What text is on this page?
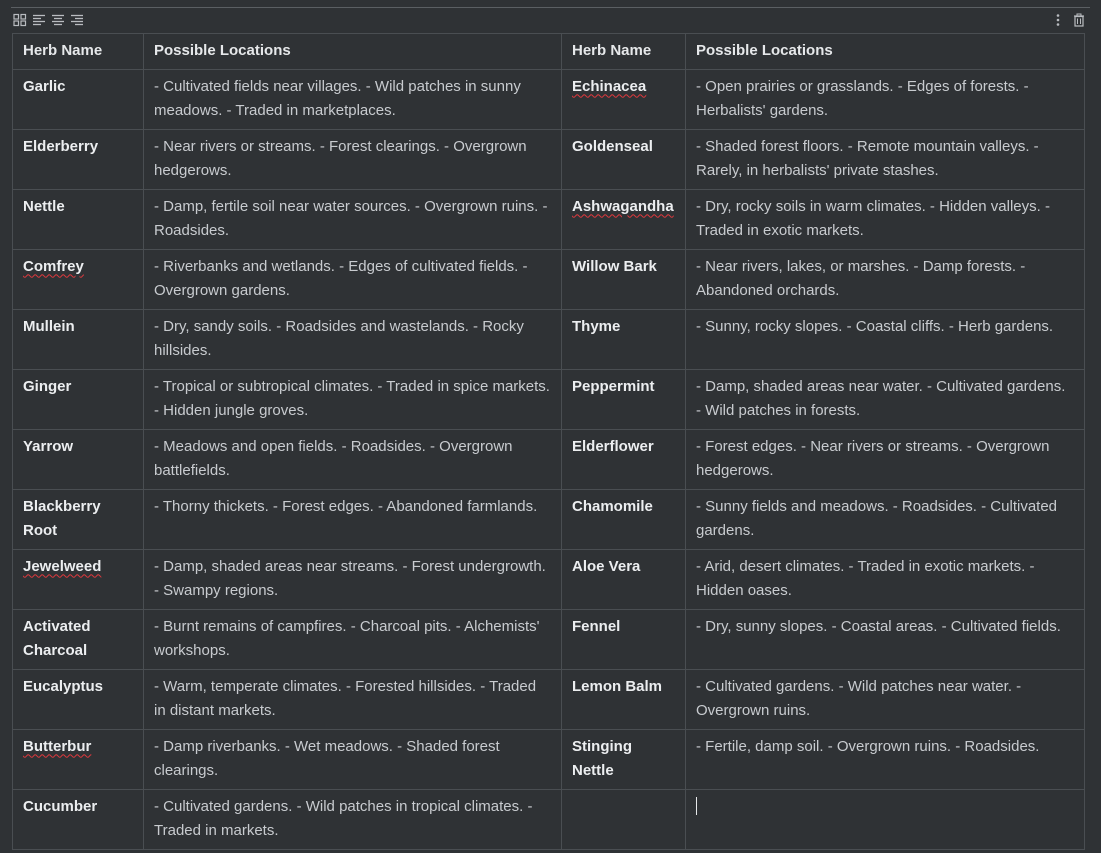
Herb Name	Possible Locations	Herb Name	Possible Locations
Garlic	- Cultivated fields near villages. - Wild patches in sunny meadows. - Traded in marketplaces.	Echinacea	- Open prairies or grasslands. - Edges of forests. - Herbalists' gardens.
Elderberry	- Near rivers or streams. - Forest clearings. - Overgrown hedgerows.	Goldenseal	- Shaded forest floors. - Remote mountain valleys. - Rarely, in herbalists' private stashes.
Nettle	- Damp, fertile soil near water sources. - Overgrown ruins. - Roadsides.	Ashwagandha	- Dry, rocky soils in warm climates. - Hidden valleys. - Traded in exotic markets.
Comfrey	- Riverbanks and wetlands. - Edges of cultivated fields. - Overgrown gardens.	Willow Bark	- Near rivers, lakes, or marshes. - Damp forests. - Abandoned orchards.
Mullein	- Dry, sandy soils. - Roadsides and wastelands. - Rocky hillsides.	Thyme	- Sunny, rocky slopes. - Coastal cliffs. - Herb gardens.
Ginger	- Tropical or subtropical climates. - Traded in spice markets. - Hidden jungle groves.	Peppermint	- Damp, shaded areas near water. - Cultivated gardens. - Wild patches in forests.
Yarrow	- Meadows and open fields. - Roadsides. - Overgrown battlefields.	Elderflower	- Forest edges. - Near rivers or streams. - Overgrown hedgerows.
Blackberry Root	- Thorny thickets. - Forest edges. - Abandoned farmlands.	Chamomile	- Sunny fields and meadows. - Roadsides. - Cultivated gardens.
Jewelweed	- Damp, shaded areas near streams. - Forest undergrowth. - Swampy regions.	Aloe Vera	- Arid, desert climates. - Traded in exotic markets. - Hidden oases.
Activated Charcoal	- Burnt remains of campfires. - Charcoal pits. - Alchemists' workshops.	Fennel	- Dry, sunny slopes. - Coastal areas. - Cultivated fields.
Eucalyptus	- Warm, temperate climates. - Forested hillsides. - Traded in distant markets.	Lemon Balm	- Cultivated gardens. - Wild patches near water. - Overgrown ruins.
Butterbur	- Damp riverbanks. - Wet meadows. - Shaded forest clearings.	Stinging Nettle	- Fertile, damp soil. - Overgrown ruins. - Roadsides.
Cucumber	- Cultivated gardens. - Wild patches in tropical climates. - Traded in markets.		
